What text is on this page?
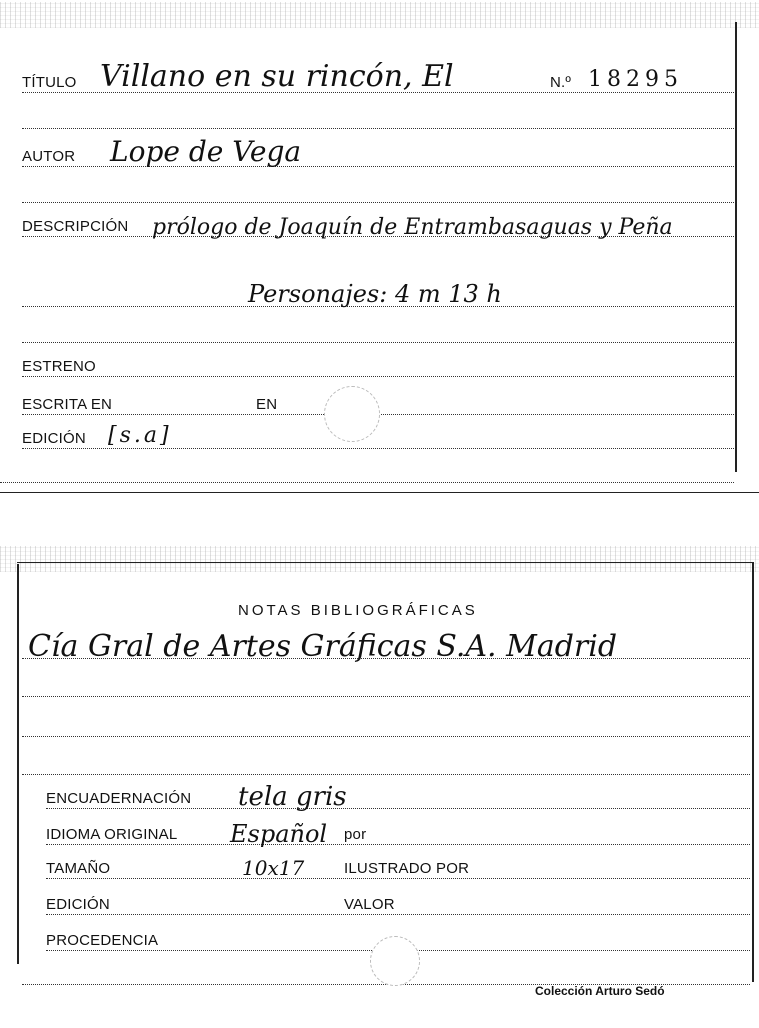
TÍTULO Villano en su rincón, El	N.º 18295
AUTOR Lope de Vega
DESCRIPCIÓN prólogo de Joaquín de Entrambasaguas y Peña
Personajes: 4 m 13 h
ESTRENO
ESCRITA EN	EN
EDICIÓN [s.a]
NOTAS BIBLIOGRÁFICAS
Cía Gral de Artes Gráficas S.A. Madrid
ENCUADERNACIÓN tela gris
IDIOMA ORIGINAL Español por
TAMAÑO	10x17	ILUSTRADO POR
EDICIÓN	VALOR
PROCEDENCIA
Colección Arturo Sedó
